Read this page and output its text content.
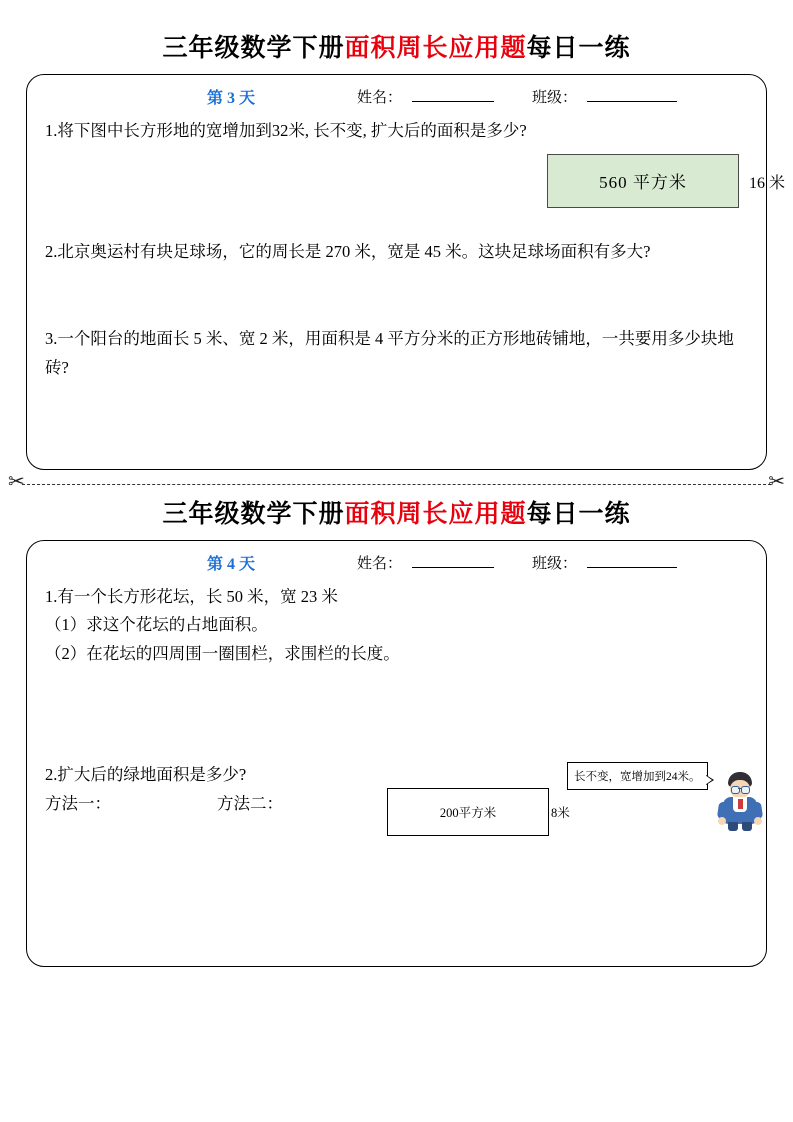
三年级数学下册面积周长应用题每日一练
第 3 天	姓名：	班级：

1.将下图中长方形地的宽增加到32米, 长不变, 扩大后的面积是多少?

560 平方米	16 米

2.北京奥运村有块足球场，它的周长是 270 米，宽是 45 米。这块足球场面积有多大?

3.一个阳台的地面长 5 米、宽 2 米，用面积是 4 平方分米的正方形地砖铺地，一共要用多少块地砖?

✂	✂
三年级数学下册面积周长应用题每日一练
第 4 天	姓名：	班级：

1.有一个长方形花坛，长 50 米，宽 23 米

（1）求这个花坛的占地面积。

（2）在花坛的四周围一圈围栏，求围栏的长度。

2.扩大后的绿地面积是多少?

方法一：	方法二：	200平方米	8米
长不变，宽增加到24米。
